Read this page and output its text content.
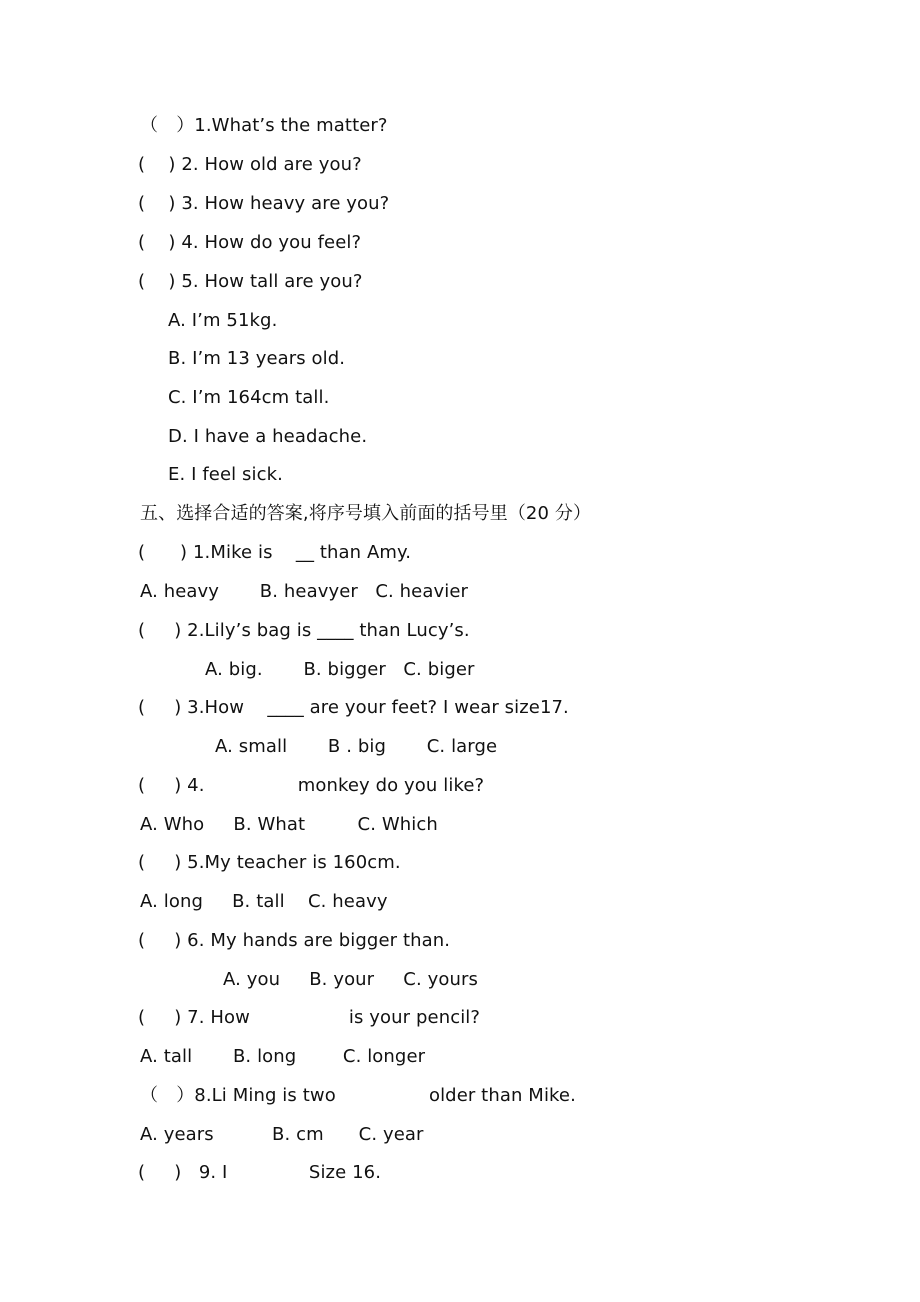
（　）1.What’s the matter?
(    ) 2. How old are you?
(    ) 3. How heavy are you?
(    ) 4. How do you feel?
(    ) 5. How tall are you?
A. I’m 51kg.
B. I’m 13 years old.
C. I’m 164cm tall.
D. I have a headache.
E. I feel sick.
五、选择合适的答案,将序号填入前面的括号里（20 分）
(      ) 1.Mike is    __ than Amy.
A. heavy       B. heavyer   C. heavier
(     ) 2.Lily’s bag is ____ than Lucy’s.
A. big.       B. bigger   C. biger
(     ) 3.How    ____ are your feet? I wear size17.
A. small       B . big       C. large
(     ) 4.                monkey do you like?
A. Who     B. What         C. Which
(     ) 5.My teacher is 160cm.
A. long     B. tall    C. heavy
(     ) 6. My hands are bigger than.
A. you     B. your     C. yours
(     ) 7. How                 is your pencil?
A. tall       B. long        C. longer
（　）8.Li Ming is two                older than Mike.
A. years          B. cm      C. year
(     )   9. I              Size 16.
